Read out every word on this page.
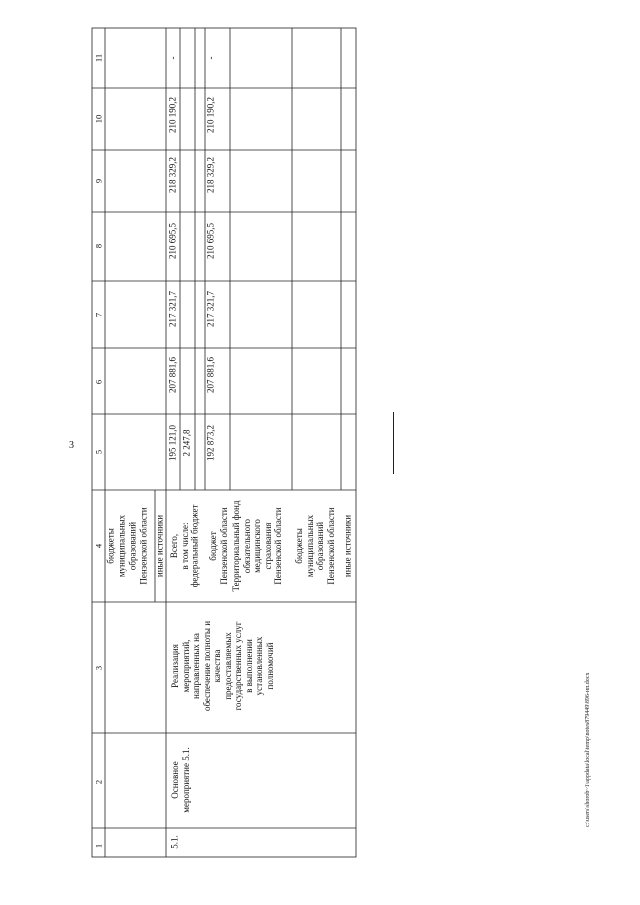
3
c:\users\shorob~1\appdata\local\temp\notes879449\896-нп.docx
1
2
3
4
5
6
7
8
9
10
11
бюджеты муниципальных образований Пензенской области иные источники
5.1.
Основное
мероприятие 5.1.
Реализация
мероприятий,
направленных на
обеспечение полноты и
качества
предоставляемых
государственных услуг
в выполнении
установленных
полномочий
Всего,
в том числе: федеральный бюджет бюджет
Пензенской области
Территориальный фонд
обязательного
медицинского
страхования
Пензенской области
бюджеты
муниципальных
образований
Пензенской области иные источники
195 121,0
207 881,6
217 321,7
210 695,5
218 329,2
210 190,2
-
2 247,8 192 873,2
207 881,6
217 321,7
210 695,5
218 329,2
210 190,2
-
